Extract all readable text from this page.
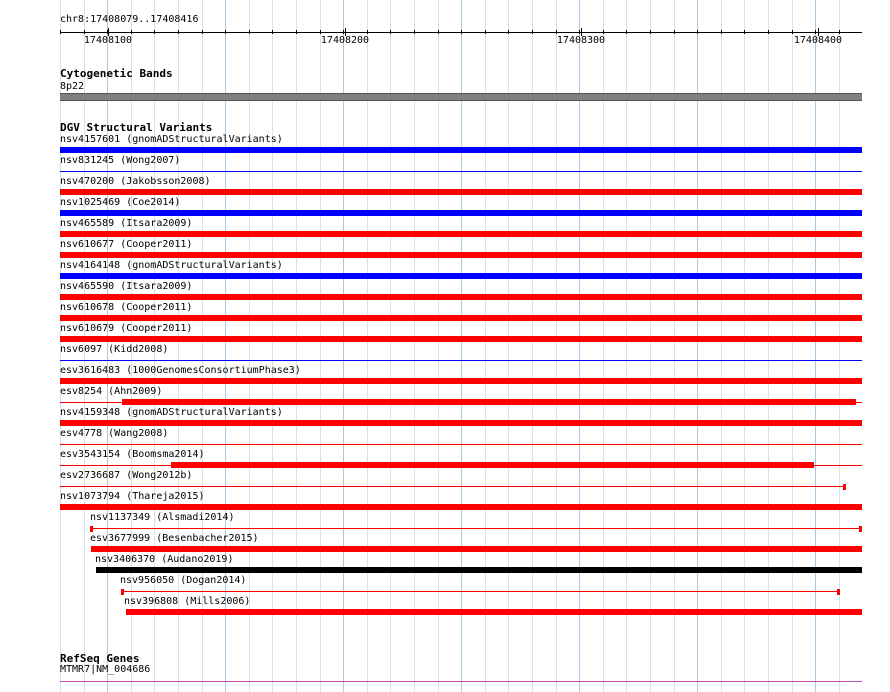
chr8:17408079..17408416
17408100	17408200	17408300	17408400
Cytogenetic Bands
8p22
DGV Structural Variants
nsv4157601 (gnomADStructuralVariants)
nsv831245 (Wong2007)
nsv470200 (Jakobsson2008)
nsv1025469 (Coe2014)
nsv465589 (Itsara2009)
nsv610677 (Cooper2011)
nsv4164148 (gnomADStructuralVariants)
nsv465590 (Itsara2009)
nsv610678 (Cooper2011)
nsv610679 (Cooper2011)
nsv6097 (Kidd2008)
esv3616483 (1000GenomesConsortiumPhase3)
esv8254 (Ahn2009)
nsv4159348 (gnomADStructuralVariants)
esv4778 (Wang2008)
esv3543154 (Boomsma2014)
esv2736687 (Wong2012b)
nsv1073794 (Thareja2015)
nsv1137349 (Alsmadi2014)
esv3677999 (Besenbacher2015)
nsv3406370 (Audano2019)
nsv956050 (Dogan2014)
nsv396808 (Mills2006)
RefSeq Genes
MTMR7|NM_004686
